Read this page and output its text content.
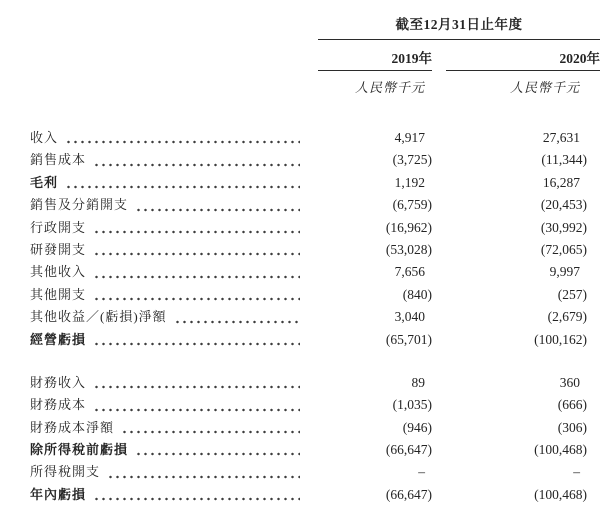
截至12月31日止年度
2019年	2020年
人民幣千元	人民幣千元
收入	4,917	27,631
銷售成本	(3,725)	(11,344)
毛利	1,192	16,287
銷售及分銷開支	(6,759)	(20,453)
行政開支	(16,962)	(30,992)
研發開支	(53,028)	(72,065)
其他收入	7,656	9,997
其他開支	(840)	(257)
其他收益／(虧損)淨額	3,040	(2,679)
經營虧損	(65,701)	(100,162)
財務收入	89	360
財務成本	(1,035)	(666)
財務成本淨額	(946)	(306)
除所得稅前虧損	(66,647)	(100,468)
所得稅開支	–	–
年內虧損	(66,647)	(100,468)
